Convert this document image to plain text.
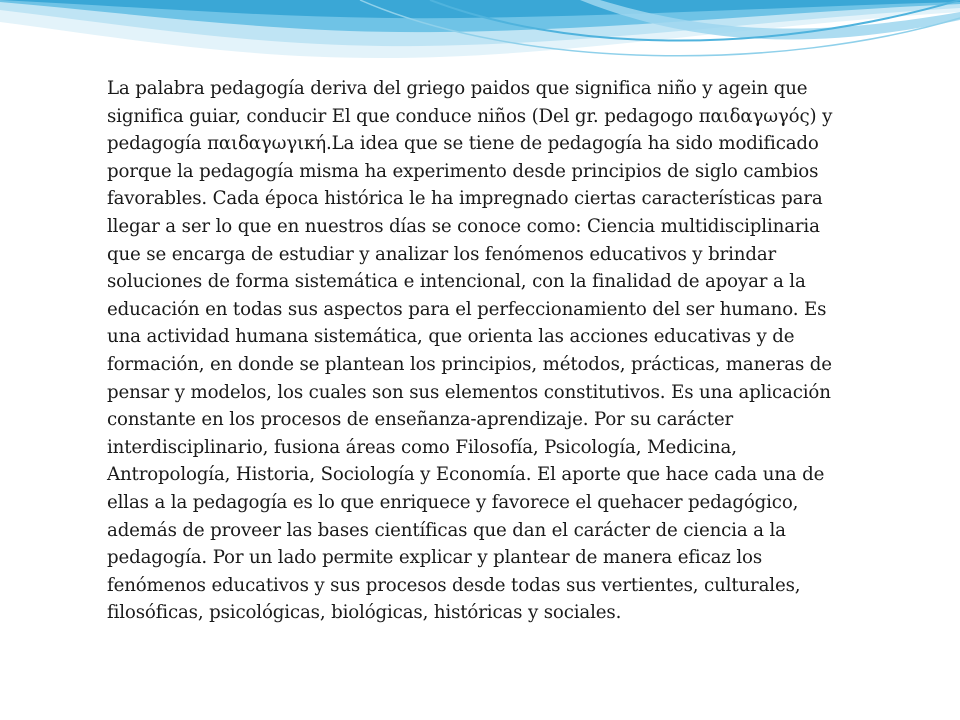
La palabra pedagogía deriva del griego paidos que significa niño y agein que significa guiar, conducir El que conduce niños (Del gr. pedagogo παιδαγωγός) y pedagogía παιδαγωγική.La idea que se tiene de pedagogía ha sido modificado porque la pedagogía misma ha experimento desde principios de siglo cambios favorables. Cada época histórica le ha impregnado ciertas características para llegar a ser lo que en nuestros días se conoce como: Ciencia multidisciplinaria que se encarga de estudiar y analizar los fenómenos educativos y brindar soluciones de forma sistemática e intencional, con la finalidad de apoyar a la educación en todas sus aspectos para el perfeccionamiento del ser humano. Es una actividad humana sistemática, que orienta las acciones educativas y de formación, en donde se plantean los principios, métodos, prácticas, maneras de pensar y modelos, los cuales son sus elementos constitutivos. Es una aplicación constante en los procesos de enseñanza-aprendizaje. Por su carácter interdisciplinario, fusiona áreas como Filosofía, Psicología, Medicina, Antropología, Historia, Sociología y Economía. El aporte que hace cada una de ellas a la pedagogía es lo que enriquece y favorece el quehacer pedagógico, además de proveer las bases científicas que dan el carácter de ciencia a la pedagogía. Por un lado permite explicar y plantear de manera eficaz los fenómenos educativos y sus procesos desde todas sus vertientes, culturales, filosóficas, psicológicas, biológicas, históricas y sociales.
